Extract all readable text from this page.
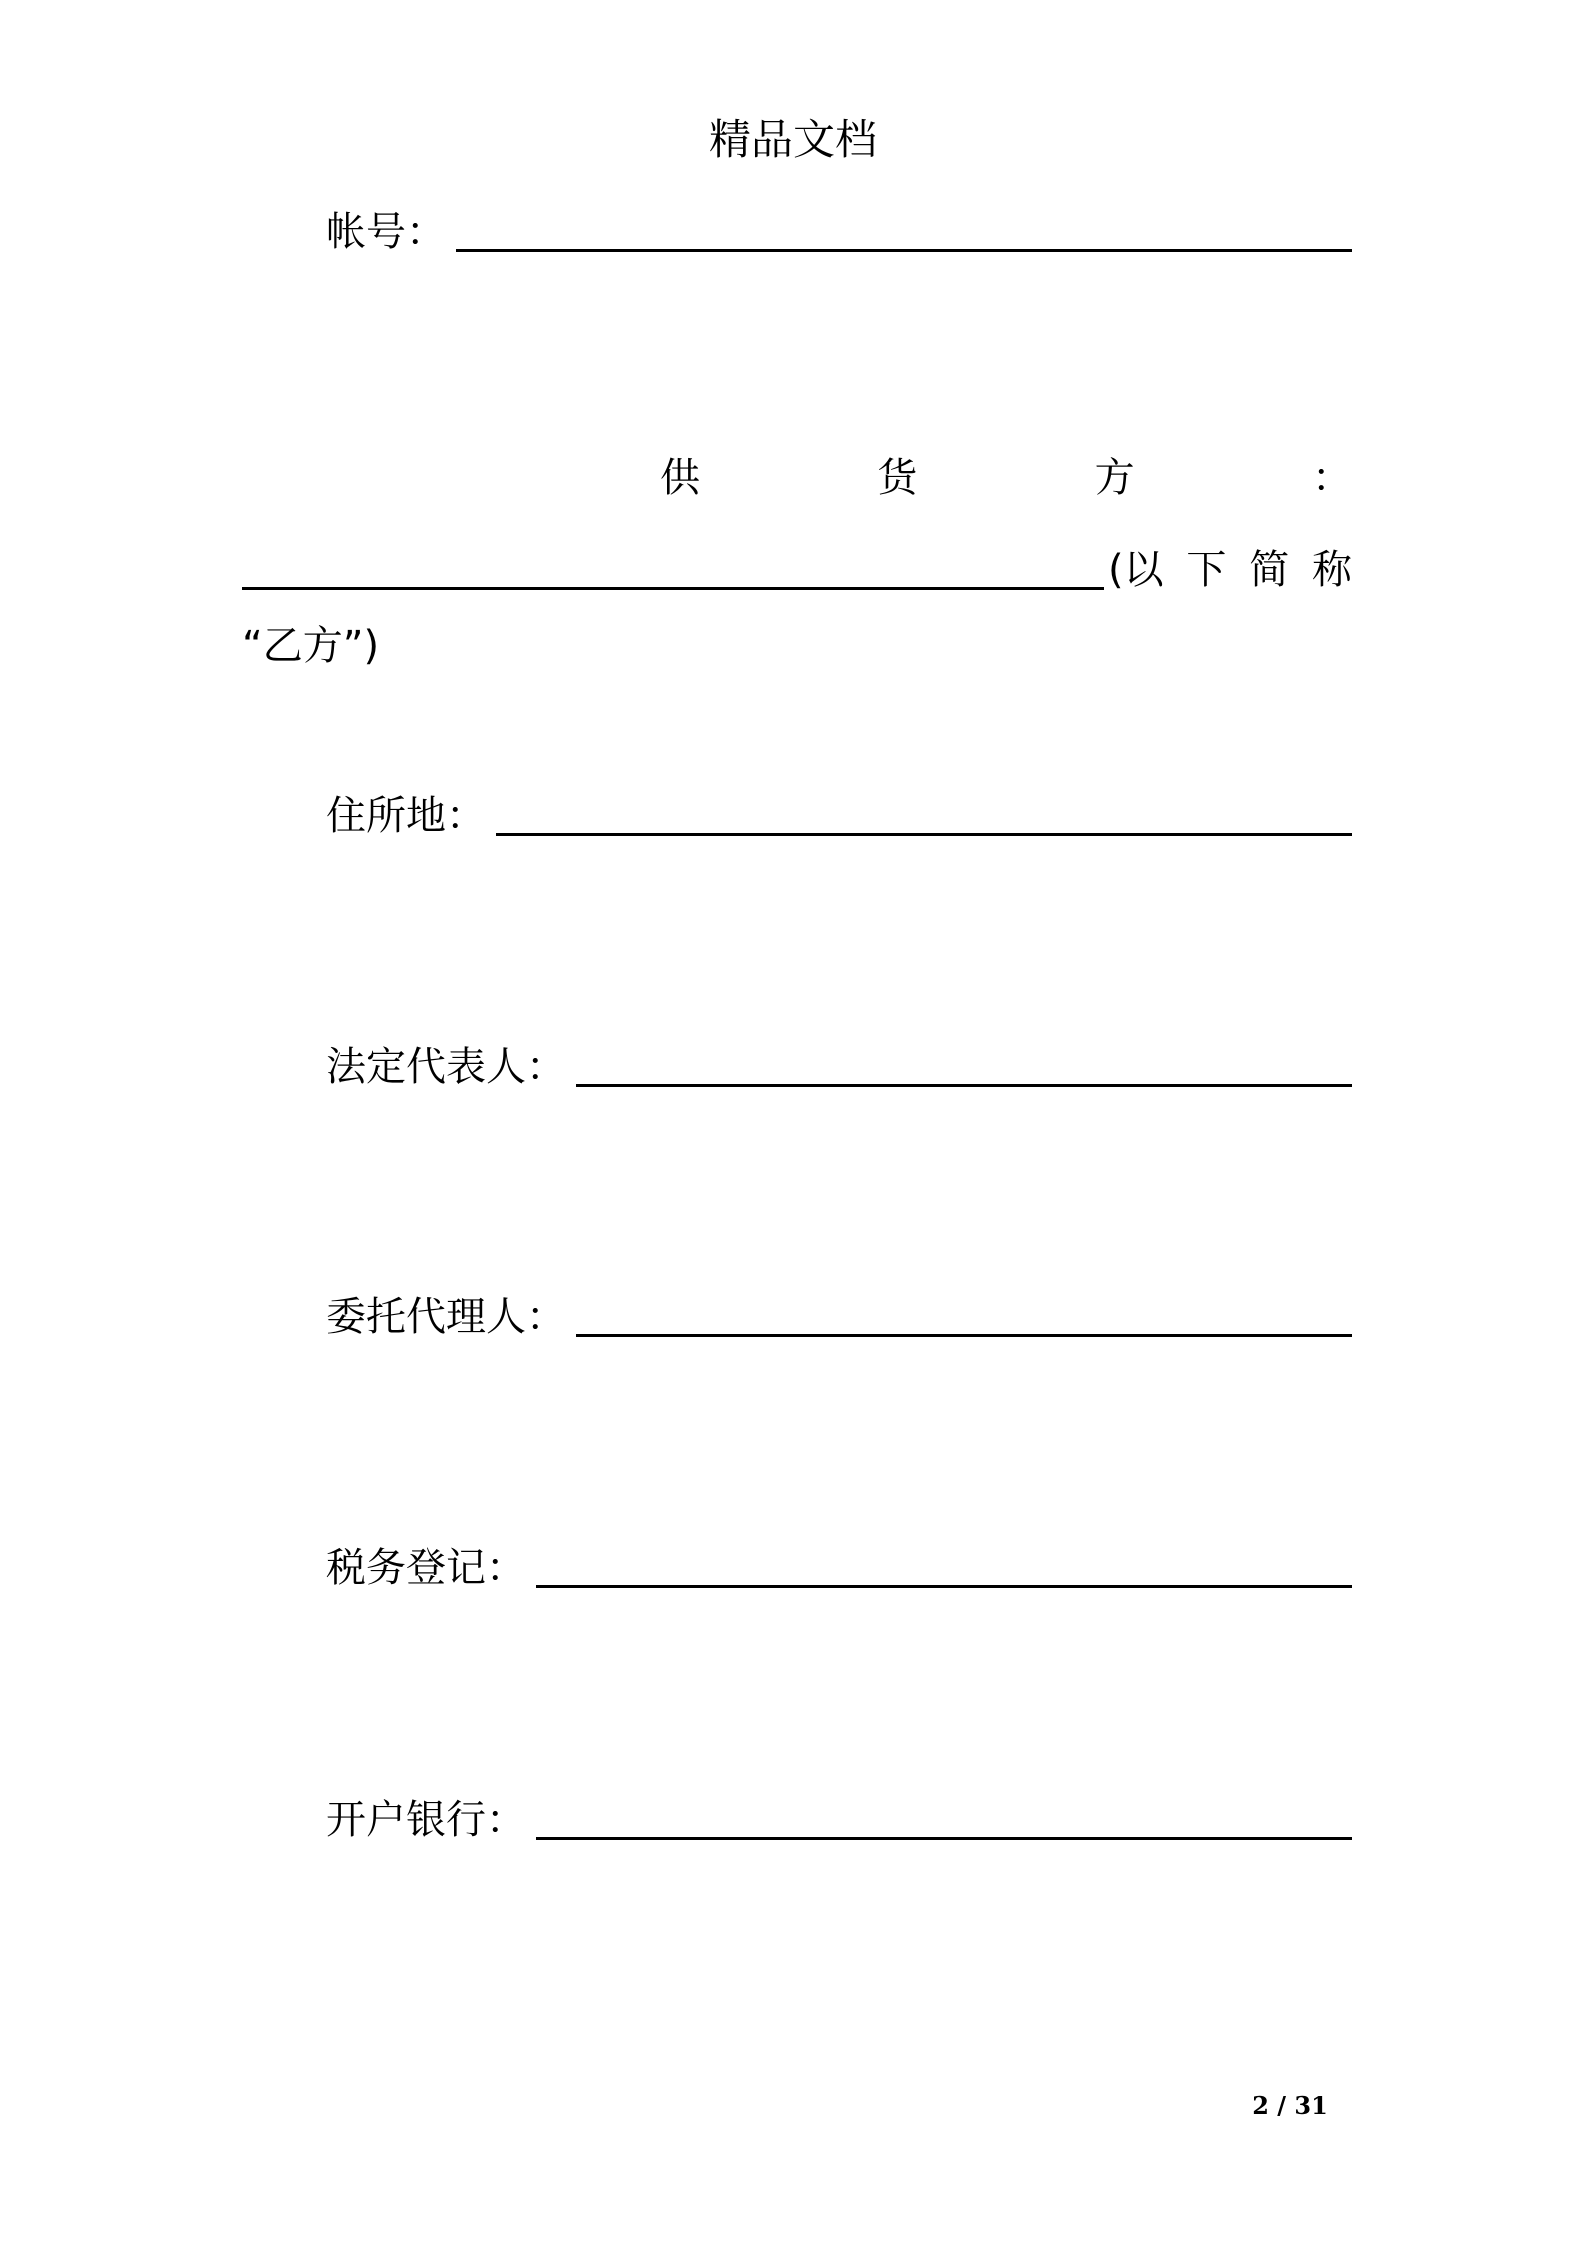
精品文档
帐号：
供	货	方	：
(以 下 简 称
“乙方”)
住所地：
法定代表人：
委托代理人：
税务登记：
开户银行：
2 / 31
